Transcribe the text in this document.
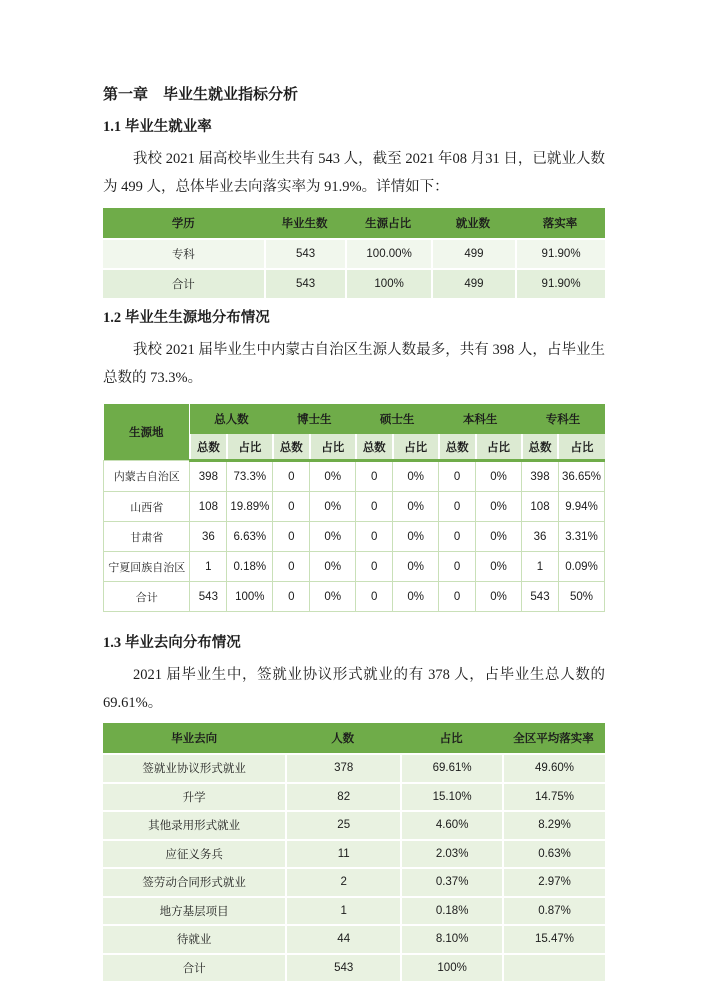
第一章　毕业生就业指标分析
1.1 毕业生就业率
我校 2021 届高校毕业生共有 543 人，截至 2021 年08 月31 日，已就业人数
为 499 人，总体毕业去向落实率为 91.9%。详情如下：
学历	毕业生数	生源占比	就业数	落实率
专科	543	100.00%	499	91.90%
合计	543	100%	499	91.90%
1.2 毕业生生源地分布情况
我校 2021 届毕业生中内蒙古自治区生源人数最多，共有 398 人，占毕业生
总数的 73.3%。
生源地	总人数		博士生		硕士生		本科生		专科生	
	总数	占比	总数	占比	总数	占比	总数	占比	总数	占比
内蒙古自治区	398	73.3%	0	0%	0	0%	0	0%	398	36.65%
山西省	108	19.89%	0	0%	0	0%	0	0%	108	9.94%
甘肃省	36	6.63%	0	0%	0	0%	0	0%	36	3.31%
宁夏回族自治区	1	0.18%	0	0%	0	0%	0	0%	1	0.09%
合计	543	100%	0	0%	0	0%	0	0%	543	50%
1.3 毕业去向分布情况
2021 届毕业生中，签就业协议形式就业的有 378 人，占毕业生总人数的
69.61%。
毕业去向	人数	占比	全区平均落实率
签就业协议形式就业	378	69.61%	49.60%
升学	82	15.10%	14.75%
其他录用形式就业	25	4.60%	8.29%
应征义务兵	11	2.03%	0.63%
签劳动合同形式就业	2	0.37%	2.97%
地方基层项目	1	0.18%	0.87%
待就业	44	8.10%	15.47%
合计	543	100%	
